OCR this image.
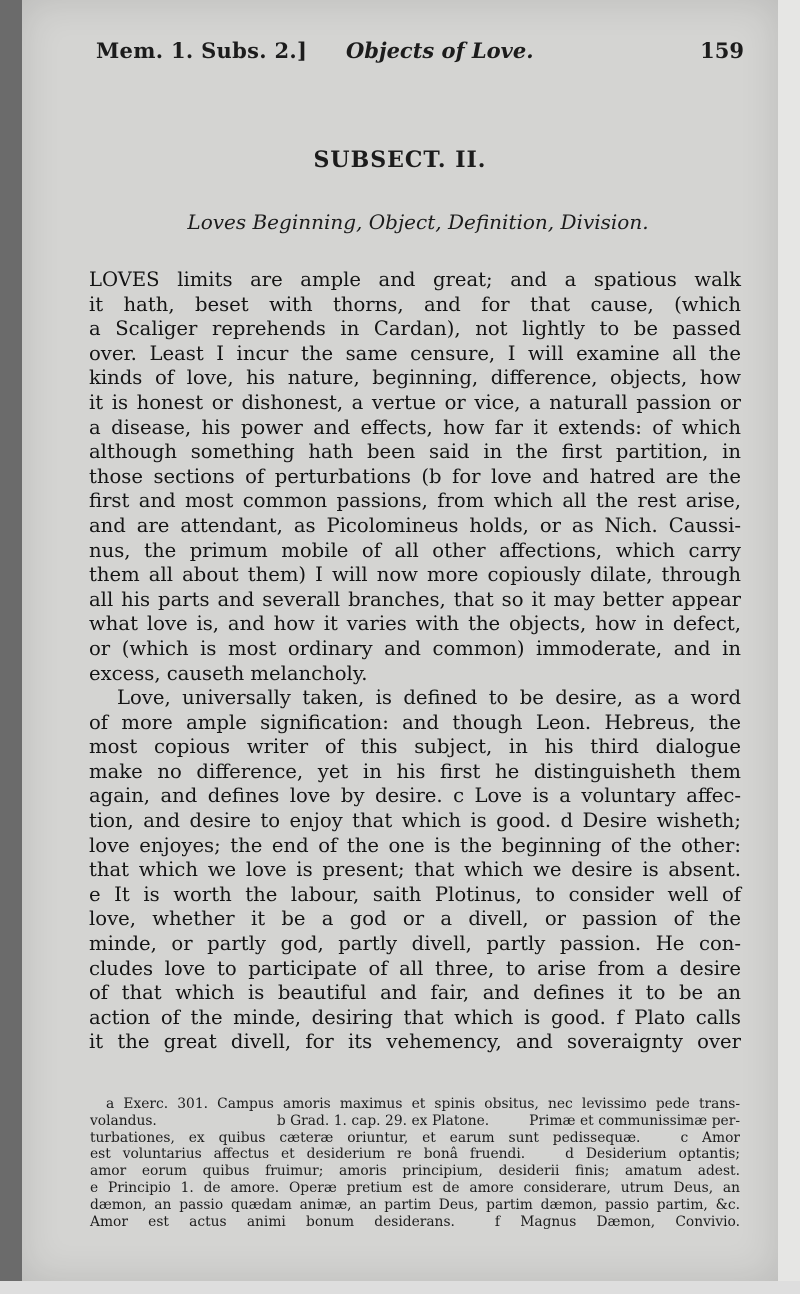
Mem. 1. Subs. 2.] Objects of Love.	159
SUBSECT. II.
Loves Beginning, Object, Definition, Division.
LOVES limits are ample and great; and a spatious walk
it hath, beset with thorns, and for that cause, (which
a Scaliger reprehends in Cardan), not lightly to be passed
over. Least I incur the same censure, I will examine all the
kinds of love, his nature, beginning, difference, objects, how
it is honest or dishonest, a vertue or vice, a naturall passion or
a disease, his power and effects, how far it extends: of which
although something hath been said in the first partition, in
those sections of perturbations (b for love and hatred are the
first and most common passions, from which all the rest arise,
and are attendant, as Picolomineus holds, or as Nich. Caussi-
nus, the primum mobile of all other affections, which carry
them all about them) I will now more copiously dilate, through
all his parts and severall branches, that so it may better appear
what love is, and how it varies with the objects, how in defect,
or (which is most ordinary and common) immoderate, and in
excess, causeth melancholy.
Love, universally taken, is defined to be desire, as a word
of more ample signification: and though Leon. Hebreus, the
most copious writer of this subject, in his third dialogue
make no difference, yet in his first he distinguisheth them
again, and defines love by desire. c Love is a voluntary affec-
tion, and desire to enjoy that which is good. d Desire wisheth;
love enjoyes; the end of the one is the beginning of the other:
that which we love is present; that which we desire is absent.
e It is worth the labour, saith Plotinus, to consider well of
love, whether it be a god or a divell, or passion of the
minde, or partly god, partly divell, partly passion. He con-
cludes love to participate of all three, to arise from a desire
of that which is beautiful and fair, and defines it to be an
action of the minde, desiring that which is good. f Plato calls
it the great divell, for its vehemency, and soveraignty over
a Exerc. 301. Campus amoris maximus et spinis obsitus, nec levissimo pede trans-
volandus.	b Grad. 1. cap. 29. ex Platone.	Primæ et communissimæ per-
turbationes, ex quibus cæteræ oriuntur, et earum sunt pedissequæ.	c Amor
est voluntarius affectus et desiderium re bonâ fruendi.	d Desiderium optantis;
amor eorum quibus fruimur; amoris principium, desiderii finis; amatum adest.
e Principio 1. de amore. Operæ pretium est de amore considerare, utrum Deus, an
dæmon, an passio quædam animæ, an partim Deus, partim dæmon, passio partim, &c.
Amor est actus animi bonum desiderans.	f Magnus Dæmon, Convivio.
